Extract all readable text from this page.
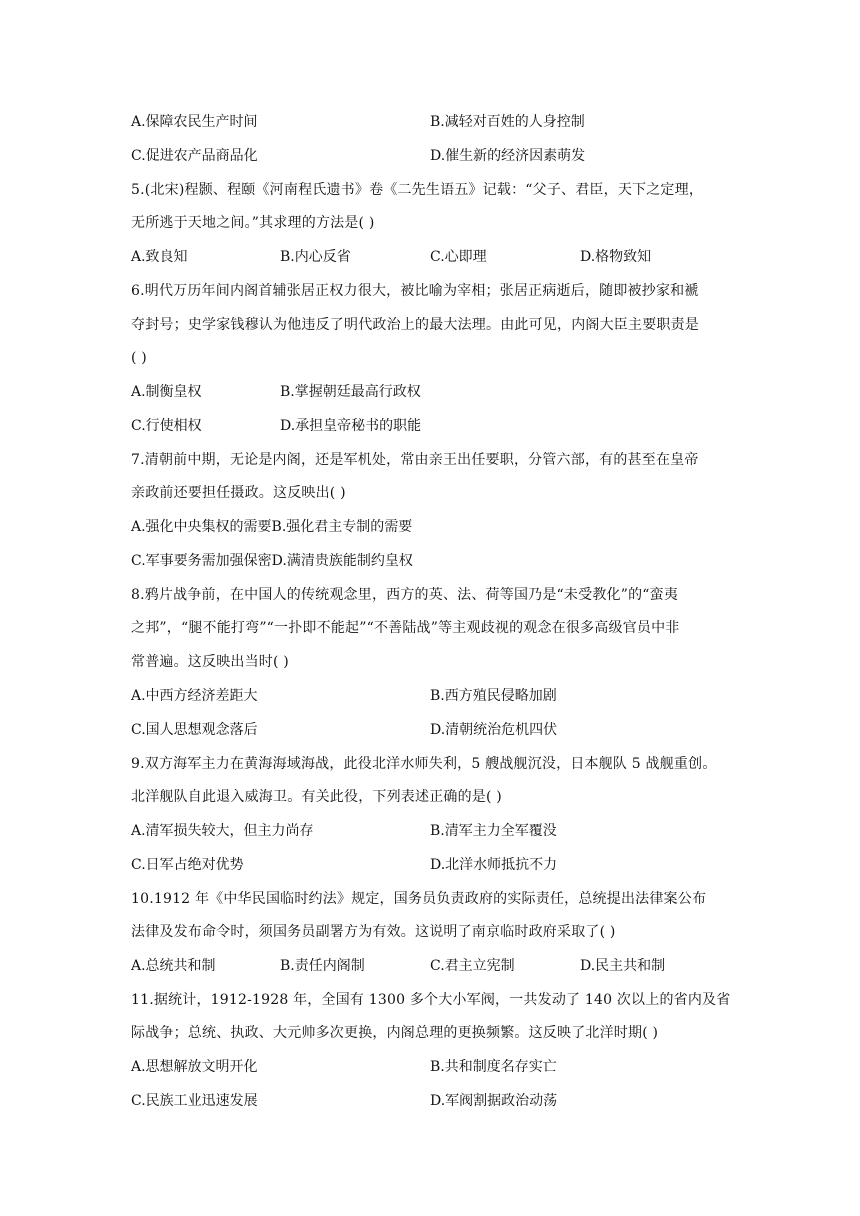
A.保障农民生产时间	B.减轻对百姓的人身控制
C.促进农产品商品化	D.催生新的经济因素萌发
5.(北宋)程颢、程颐《河南程氏遗书》卷《二先生语五》记载：“父子、君臣，天下之定理，
无所逃于天地之间。”其求理的方法是( )
A.致良知	B.内心反省	C.心即理	D.格物致知
6.明代万历年间内阁首辅张居正权力很大，被比喻为宰相；张居正病逝后，随即被抄家和褫
夺封号；史学家钱穆认为他违反了明代政治上的最大法理。由此可见，内阁大臣主要职责是
( )
A.制衡皇权	B.掌握朝廷最高行政权
C.行使相权	D.承担皇帝秘书的职能
7.清朝前中期，无论是内阁，还是军机处，常由亲王出任要职，分管六部，有的甚至在皇帝
亲政前还要担任摄政。这反映出( )
A.强化中央集权的需要B.强化君主专制的需要
C.军事要务需加强保密D.满清贵族能制约皇权
8.鸦片战争前，在中国人的传统观念里，西方的英、法、荷等国乃是“未受教化”的“蛮夷
之邦”，“腿不能打弯”“一扑即不能起”“不善陆战”等主观歧视的观念在很多高级官员中非
常普遍。这反映出当时( )
A.中西方经济差距大	B.西方殖民侵略加剧
C.国人思想观念落后	D.清朝统治危机四伏
9.双方海军主力在黄海海域海战，此役北洋水师失利，5 艘战舰沉没，日本舰队 5 战舰重创。
北洋舰队自此退入威海卫。有关此役，下列表述正确的是( )
A.清军损失较大，但主力尚存	B.清军主力全军覆没
C.日军占绝对优势	D.北洋水师抵抗不力
10.1912 年《中华民国临时约法》规定，国务员负责政府的实际责任，总统提出法律案公布
法律及发布命令时，须国务员副署方为有效。这说明了南京临时政府采取了( )
A.总统共和制	B.责任内阁制	C.君主立宪制	D.民主共和制
11.据统计，1912-1928 年，全国有 1300 多个大小军阀，一共发动了 140 次以上的省内及省
际战争；总统、执政、大元帅多次更换，内阁总理的更换频繁。这反映了北洋时期( )
A.思想解放文明开化	B.共和制度名存实亡
C.民族工业迅速发展	D.军阀割据政治动荡
